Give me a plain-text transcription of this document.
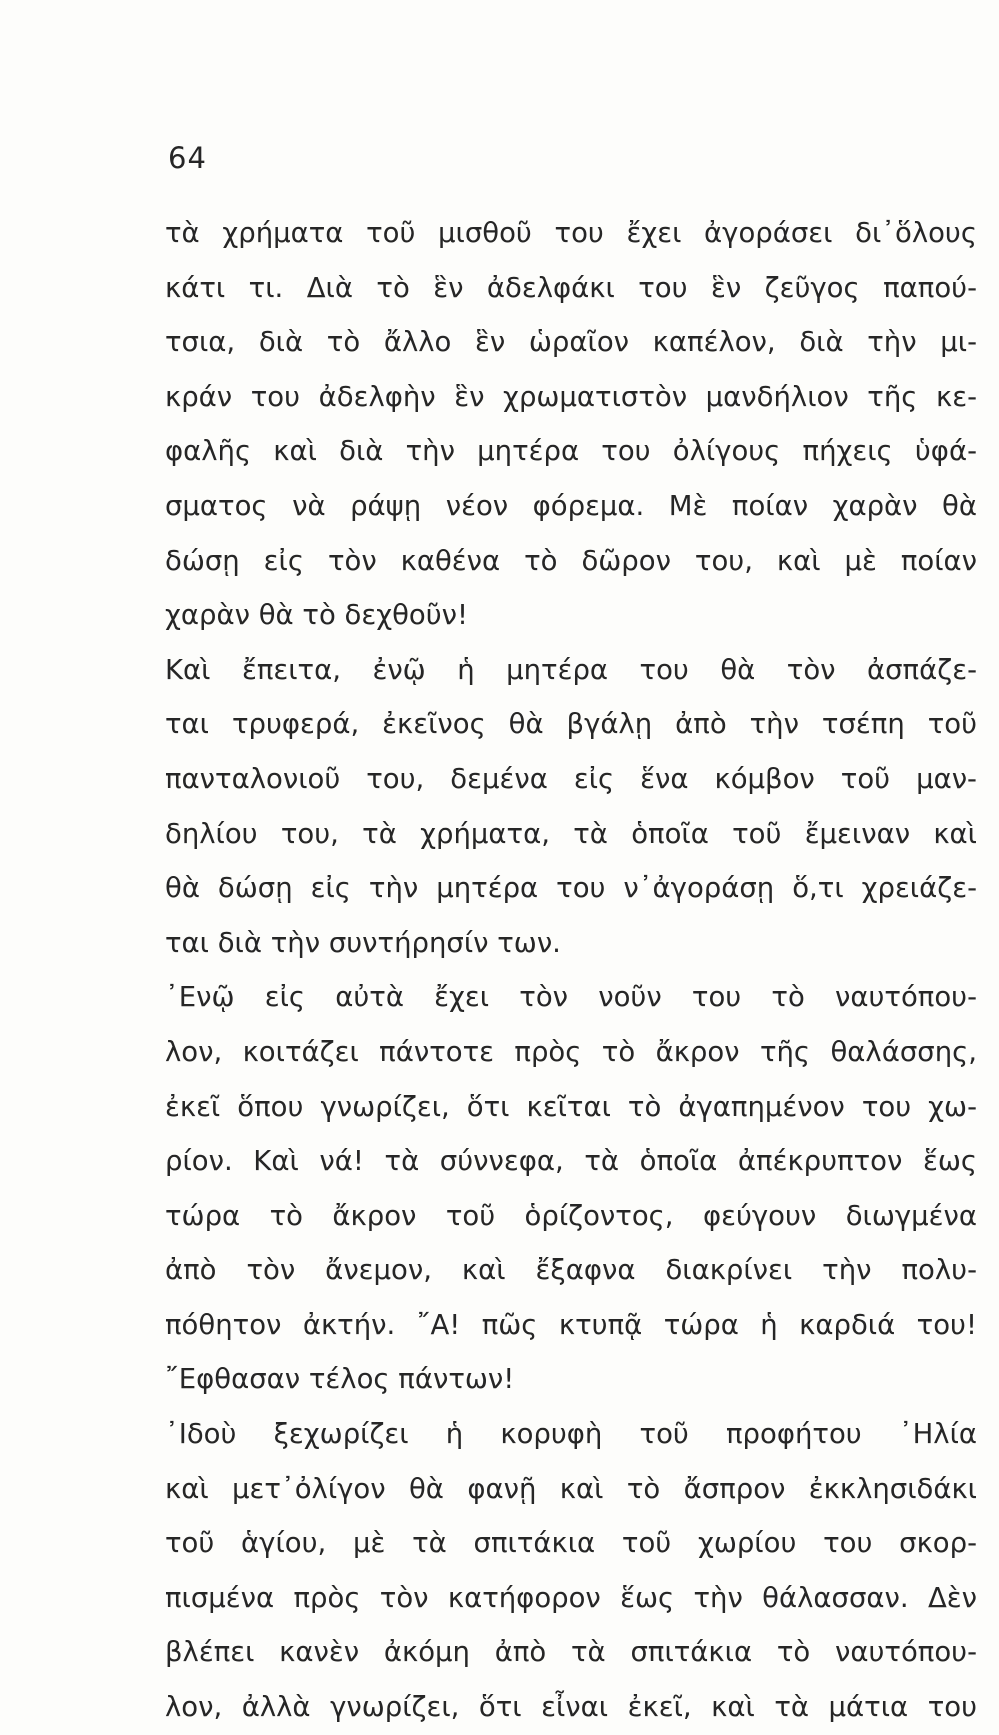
64
τὰ χρήματα τοῦ μισθοῦ του ἔχει ἀγοράσει δι᾽ὅλους
κάτι τι. Διὰ τὸ ἓν ἀδελφάκι του ἓν ζεῦγος παπού-
τσια, διὰ τὸ ἄλλο ἓν ὡραῖον καπέλον, διὰ τὴν μι-
κράν του ἀδελφὴν ἓν χρωματιστὸν μανδήλιον τῆς κε-
φαλῆς καὶ διὰ τὴν μητέρα του ὀλίγους πήχεις ὑφά-
σματος νὰ ράψῃ νέον φόρεμα. Μὲ ποίαν χαρὰν θὰ
δώσῃ εἰς τὸν καθένα τὸ δῶρον του, καὶ μὲ ποίαν
χαρὰν θὰ τὸ δεχθοῦν!
Καὶ ἔπειτα, ἐνῷ ἡ μητέρα του θὰ τὸν ἀσπάζε-
ται τρυφερά, ἐκεῖνος θὰ βγάλῃ ἀπὸ τὴν τσέπη τοῦ
πανταλονιοῦ του, δεμένα εἰς ἕνα κόμβον τοῦ μαν-
δηλίου του, τὰ χρήματα, τὰ ὁποῖα τοῦ ἔμειναν καὶ
θὰ δώσῃ εἰς τὴν μητέρα του ν᾽ἀγοράσῃ ὅ,τι χρειάζε-
ται διὰ τὴν συντήρησίν των.
᾽Ενῷ εἰς αὐτὰ ἔχει τὸν νοῦν του τὸ ναυτόπου-
λον, κοιτάζει πάντοτε πρὸς τὸ ἄκρον τῆς θαλάσσης,
ἐκεῖ ὅπου γνωρίζει, ὅτι κεῖται τὸ ἀγαπημένον του χω-
ρίον. Καὶ νά! τὰ σύννεφα, τὰ ὁποῖα ἀπέκρυπτον ἕως
τώρα τὸ ἄκρον τοῦ ὁρίζοντος, φεύγουν διωγμένα
ἀπὸ τὸν ἄνεμον, καὶ ἔξαφνα διακρίνει τὴν πολυ-
πόθητον ἀκτήν. ῎Α! πῶς κτυπᾷ τώρα ἡ καρδιά του!
῎Εφθασαν τέλος πάντων!
᾽Ιδοὺ ξεχωρίζει ἡ κορυφὴ τοῦ προφήτου ᾽Ηλία
καὶ μετ᾽ὀλίγον θὰ φανῇ καὶ τὸ ἄσπρον ἐκκλησιδάκι
τοῦ ἁγίου, μὲ τὰ σπιτάκια τοῦ χωρίου του σκορ-
πισμένα πρὸς τὸν κατήφορον ἕως τὴν θάλασσαν. Δὲν
βλέπει κανὲν ἀκόμη ἀπὸ τὰ σπιτάκια τὸ ναυτόπου-
λον, ἀλλὰ γνωρίζει, ὅτι εἶναι ἐκεῖ, καὶ τὰ μάτια του
